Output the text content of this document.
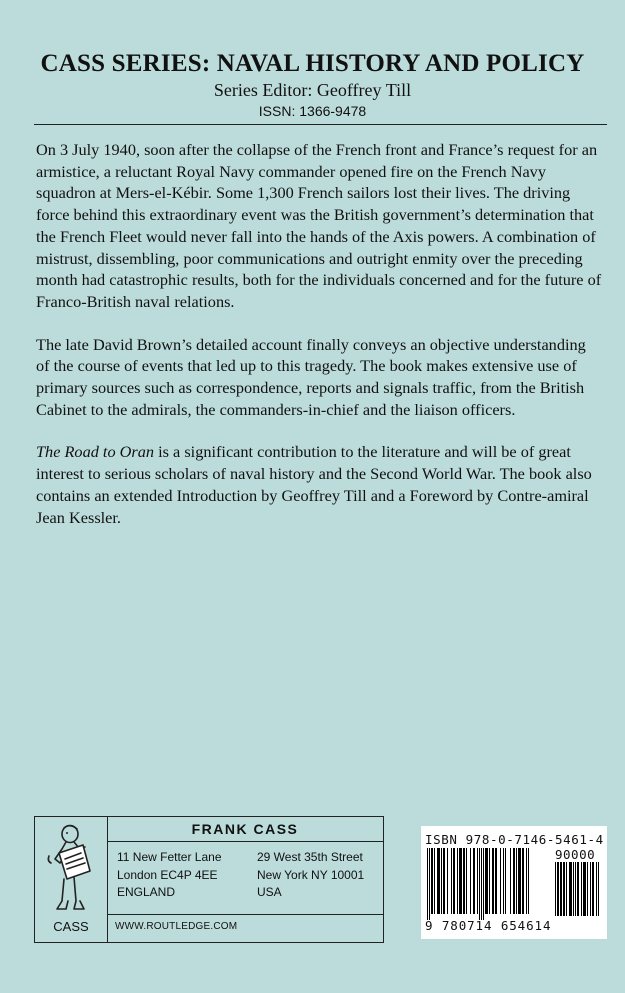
CASS SERIES: NAVAL HISTORY AND POLICY
Series Editor: Geoffrey Till
ISSN: 1366-9478

On 3 July 1940, soon after the collapse of the French front and France’s request for an armistice, a reluctant Royal Navy commander opened fire on the French Navy squadron at Mers-el-Kébir. Some 1,300 French sailors lost their lives. The driving force behind this extraordinary event was the British government’s determination that the French Fleet would never fall into the hands of the Axis powers. A combination of mistrust, dissembling, poor communications and outright enmity over the preceding month had catastrophic results, both for the individuals concerned and for the future of Franco-British naval relations.

The late David Brown’s detailed account finally conveys an objective understanding of the course of events that led up to this tragedy. The book makes extensive use of primary sources such as correspondence, reports and signals traffic, from the British Cabinet to the admirals, the commanders-in-chief and the liaison officers.

The Road to Oran is a significant contribution to the literature and will be of great interest to serious scholars of naval history and the Second World War. The book also contains an extended Introduction by Geoffrey Till and a Foreword by Contre-amiral Jean Kessler.

CASS
FRANK CASS
11 New Fetter Lane
London EC4P 4EE
ENGLAND
29 West 35th Street
New York NY 10001
USA
WWW.ROUTLEDGE.COM
ISBN 978-0-7146-5461-4
90000
9 780714 654614
